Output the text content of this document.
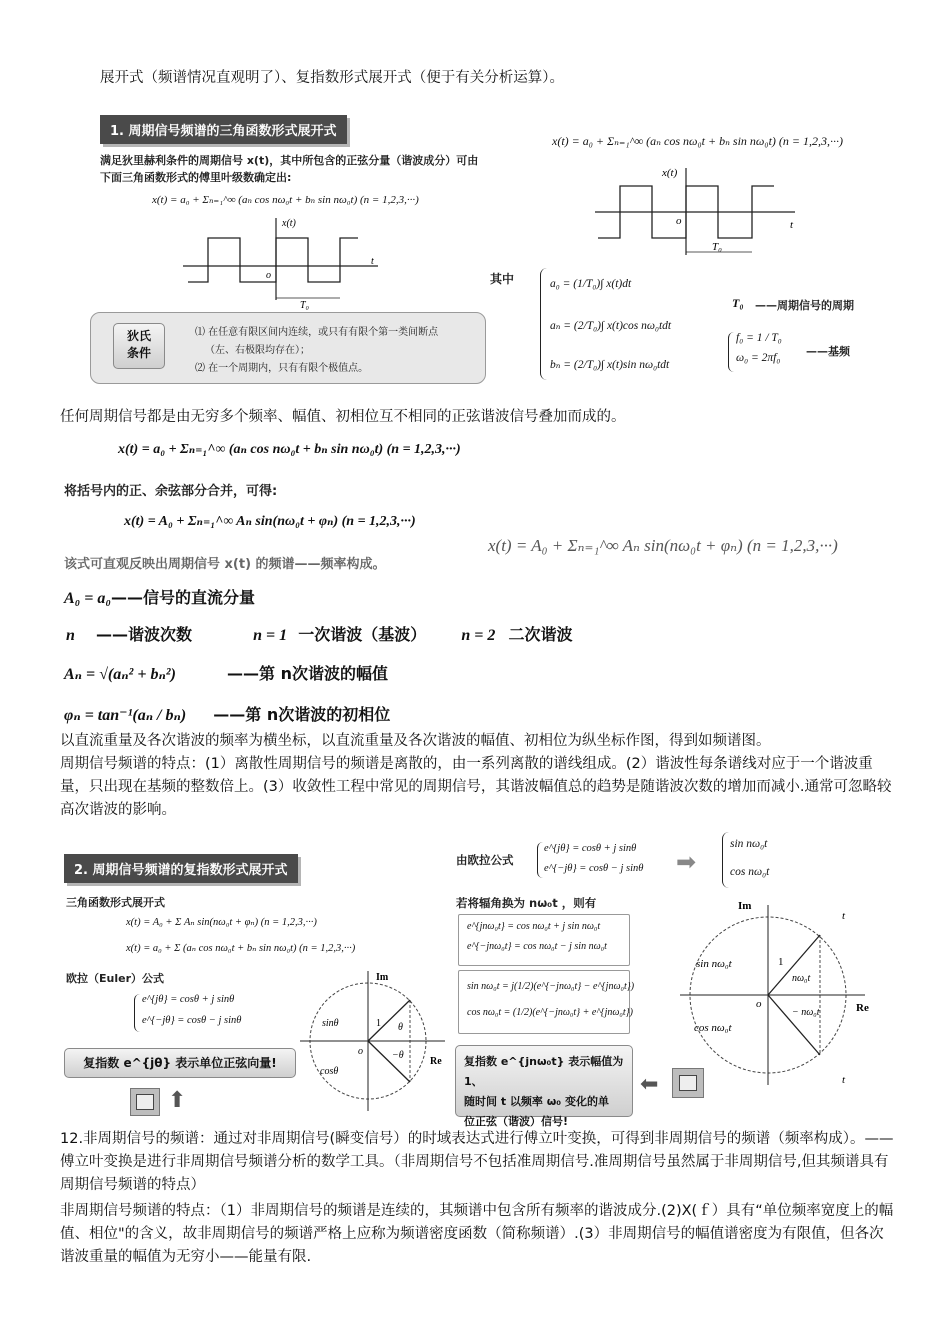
展开式（频谱情况直观明了）、复指数形式展开式（便于有关分析运算）。
1. 周期信号频谱的三角函数形式展开式
满足狄里赫利条件的周期信号 x(t)，其中所包含的正弦分量（谐波成分）可由下面三角函数形式的傅里叶级数确定出:
x(t) = a₀ + Σₙ₌₁^∞ (aₙ cos nω₀t + bₙ sin nω₀t) (n = 1,2,3,···)
x(t)
t
o
T₀
狄氏
条件
⑴ 在任意有限区间内连续，或只有有限个第一类间断点
（左、右极限均存在）；
⑵ 在一个周期内，只有有限个极值点。
x(t) = a₀ + Σₙ₌₁^∞ (aₙ cos nω₀t + bₙ sin nω₀t) (n = 1,2,3,···)
x(t)
t
o
T₀
其中	a₀ = (1/T₀)∫ x(t)dt
aₙ = (2/T₀)∫ x(t)cos nω₀tdt
bₙ = (2/T₀)∫ x(t)sin nω₀tdt
T₀ ——周期信号的周期
f₀ = 1 / T₀
ω₀ = 2πf₀ ——基频
任何周期信号都是由无穷多个频率、幅值、初相位互不相同的正弦谐波信号叠加而成的。
x(t) = a₀ + Σₙ₌₁^∞ (aₙ cos nω₀t + bₙ sin nω₀t) (n = 1,2,3,···)
将括号内的正、余弦部分合并，可得:
x(t) = A₀ + Σₙ₌₁^∞ Aₙ sin(nω₀t + φₙ) (n = 1,2,3,···)
该式可直观反映出周期信号 x(t) 的频谱——频率构成。
x(t) = A₀ + Σₙ₌₁^∞ Aₙ sin(nω₀t + φₙ) (n = 1,2,3,···)
A₀ = a₀——信号的直流分量
n ——谐波次数	n = 1 一次谐波（基波） n = 2 二次谐波
Aₙ = √(aₙ² + bₙ²)	——第 n次谐波的幅值
φₙ = tan⁻¹(aₙ / bₙ) ——第 n次谐波的初相位
以直流重量及各次谐波的频率为横坐标，以直流重量及各次谐波的幅值、初相位为纵坐标作图，得到如频谱图。
周期信号频谱的特点：(1）离散性周期信号的频谱是离散的，由一系列离散的谱线组成。(2）谐波性每条谱线对应于一个谐波重量，只出现在基频的整数倍上。(3）收敛性工程中常见的周期信号，其谐波幅值总的趋势是随谐波次数的增加而减小.通常可忽略较高次谐波的影响。
2. 周期信号频谱的复指数形式展开式
三角函数形式展开式
x(t) = A₀ + Σ Aₙ sin(nω₀t + φₙ) (n = 1,2,3,···)
x(t) = a₀ + Σ (aₙ cos nω₀t + bₙ sin nω₀t) (n = 1,2,3,···)
欧拉（Euler）公式
e^{jθ} = cosθ + j sinθ
e^{−jθ} = cosθ − j sinθ
复指数 e^{jθ} 表示单位正弦向量!
⬆
Im
Re
sinθ
cosθ
1 θ
−θ
o
由欧拉公式
e^{jθ} = cosθ + j sinθ
e^{−jθ} = cosθ − j sinθ ➡
sin nω₀t
cos nω₀t
若将辐角换为 nω₀t ，则有
e^{jnω₀t} = cos nω₀t + j sin nω₀t
e^{−jnω₀t} = cos nω₀t − j sin nω₀t
sin nω₀t = j(1/2)(e^{−jnω₀t} − e^{jnω₀t})
cos nω₀t = (1/2)(e^{−jnω₀t} + e^{jnω₀t})
复指数 e^{jnω₀t} 表示幅值为1、
随时间 t 以频率 ω₀ 变化的单
位正弦（谐波）信号!
⬅
Im
Re
t
t
sin nω₀t
cos nω₀t
1
nω₀t
− nω₀t
o
12.非周期信号的频谱：通过对非周期信号(瞬变信号）的时域表达式进行傅立叶变换，可得到非周期信号的频谱（频率构成）。——傅立叶变换是进行非周期信号频谱分析的数学工具。（非周期信号不包括准周期信号.准周期信号虽然属于非周期信号,但其频谱具有周期信号频谱的特点）
非周期信号频谱的特点：（1）非周期信号的频谱是连续的，其频谱中包含所有频率的谐波成分.(2)X(ｆ）具有“单位频率宽度上的幅值、相位"的含义，故非周期信号的频谱严格上应称为频谱密度函数（简称频谱）.(3）非周期信号的幅值谱密度为有限值，但各次谐波重量的幅值为无穷小——能量有限.
